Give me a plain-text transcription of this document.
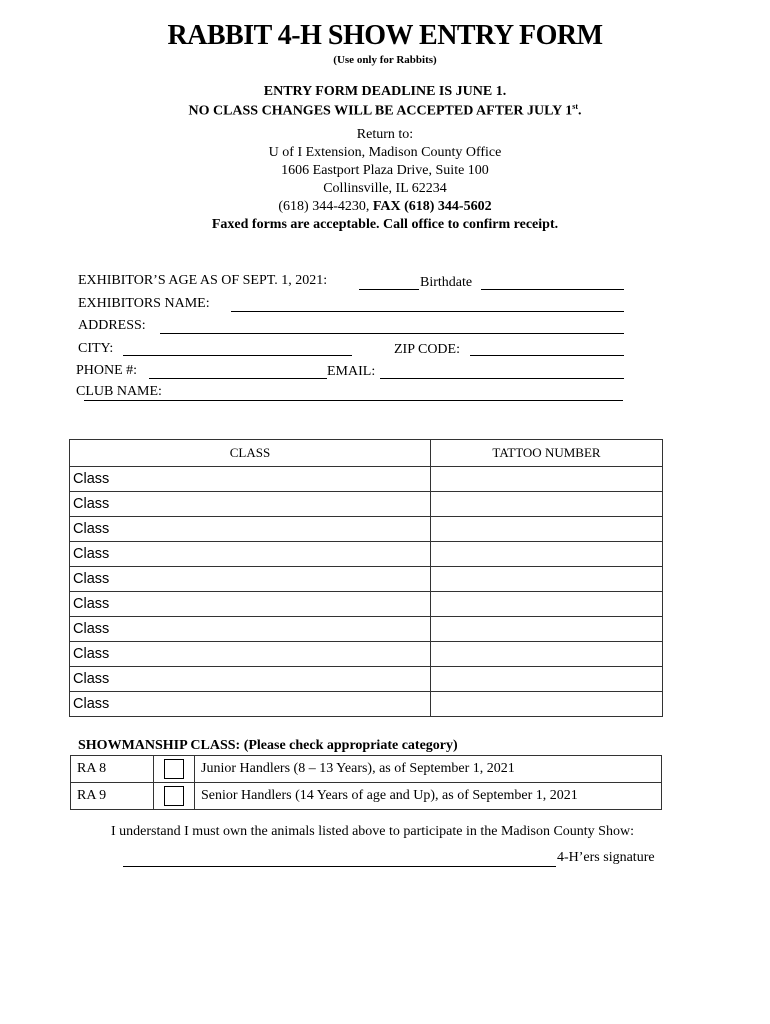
RABBIT 4-H SHOW ENTRY FORM
(Use only for Rabbits)
ENTRY FORM DEADLINE IS JUNE 1.
NO CLASS CHANGES WILL BE ACCEPTED AFTER JULY 1st.
Return to:
U of I Extension, Madison County Office
1606 Eastport Plaza Drive, Suite 100
Collinsville, IL 62234
(618) 344-4230, FAX (618) 344-5602
Faxed forms are acceptable. Call office to confirm receipt.
EXHIBITOR’S AGE AS OF SEPT. 1, 2021:	Birthdate
EXHIBITORS NAME:
ADDRESS:
CITY:	ZIP CODE:
PHONE #:	EMAIL:
CLUB NAME:
CLASS	TATTOO NUMBER
Class	
Class	
Class	
Class	
Class	
Class	
Class	
Class	
Class	
Class	
SHOWMANSHIP CLASS: (Please check appropriate category)
RA 8		Junior Handlers (8 – 13 Years), as of September 1, 2021
RA 9		Senior Handlers (14 Years of age and Up), as of September 1, 2021
I understand I must own the animals listed above to participate in the Madison County Show:
4-H’ers signature
